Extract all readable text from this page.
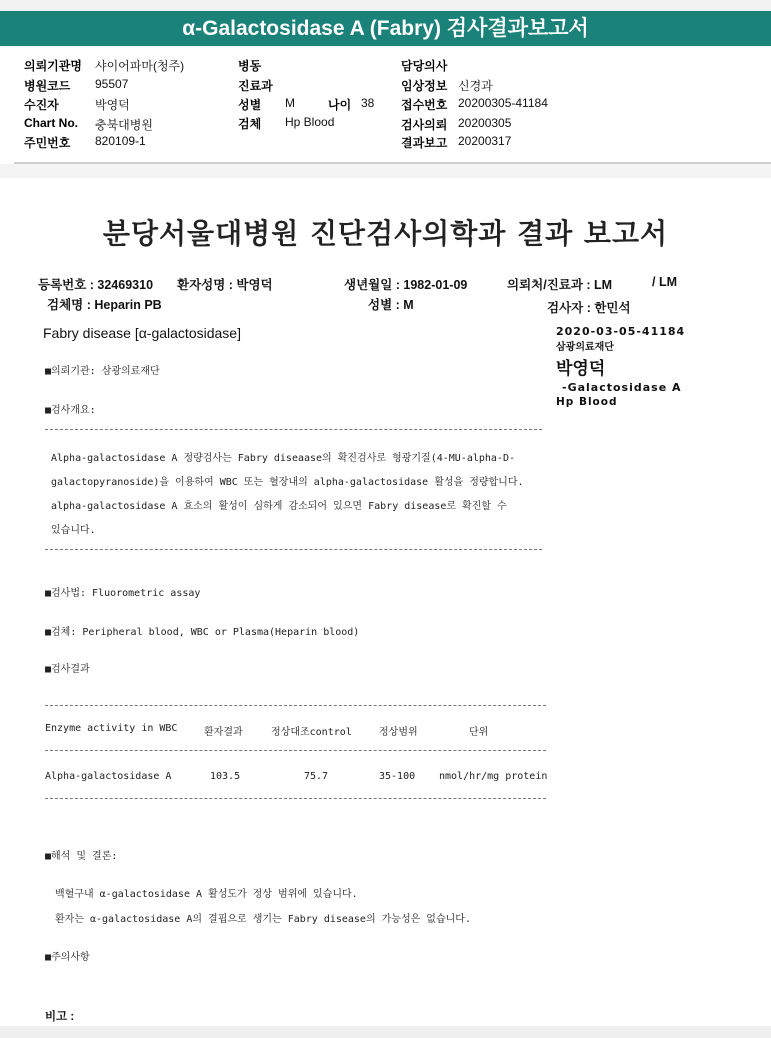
α-Galactosidase A (Fabry) 검사결과보고서
의뢰기관명 샤이어파마(청주)
병원코드 95507
수진자	박영덕
Chart No. 충북대병원
주민번호 820109-1
병동
진료과
성별 M	나이 38
검체 Hp Blood
담당의사
임상정보 신경과
접수번호 20200305-41184
검사의뢰 20200305
결과보고 20200317
분당서울대병원 진단검사의학과 결과 보고서
등록번호 : 32469310 환자성명 : 박영덕	생년월일 : 1982-01-09	의뢰처/진료과 : LM	/ LM
검체명 : Heparin PB	성별 : M	검사자 : 한민석
Fabry disease [α-galactosidase]	2020-03-05-41184
삼광의료재단
박영덕
-Galactosidase A
Hp Blood
■의뢰기관: 삼광의료재단
■검사개요:
Alpha-galactosidase A 정량검사는 Fabry diseaase의 확진검사로 형광기질(4-MU-alpha-D-
galactopyranoside)을 이용하여 WBC 또는 혈장내의 alpha-galactosidase 활성을 정량합니다.
alpha-galactosidase A 효소의 활성이 심하게 감소되어 있으면 Fabry disease로 확진할 수
있습니다.
■검사법: Fluorometric assay
■검체: Peripheral blood, WBC or Plasma(Heparin blood)
■검사결과
Enzyme activity in WBC	환자결과	정상대조control	정상범위	단위
Alpha-galactosidase A	103.5	75.7	35-100 nmol/hr/mg protein
■해석 및 결론:
백혈구내 α-galactosidase A 활성도가 정상 범위에 있습니다.
환자는 α-galactosidase A의 결핍으로 생기는 Fabry disease의 가능성은 없습니다.
■주의사항
비고 :
